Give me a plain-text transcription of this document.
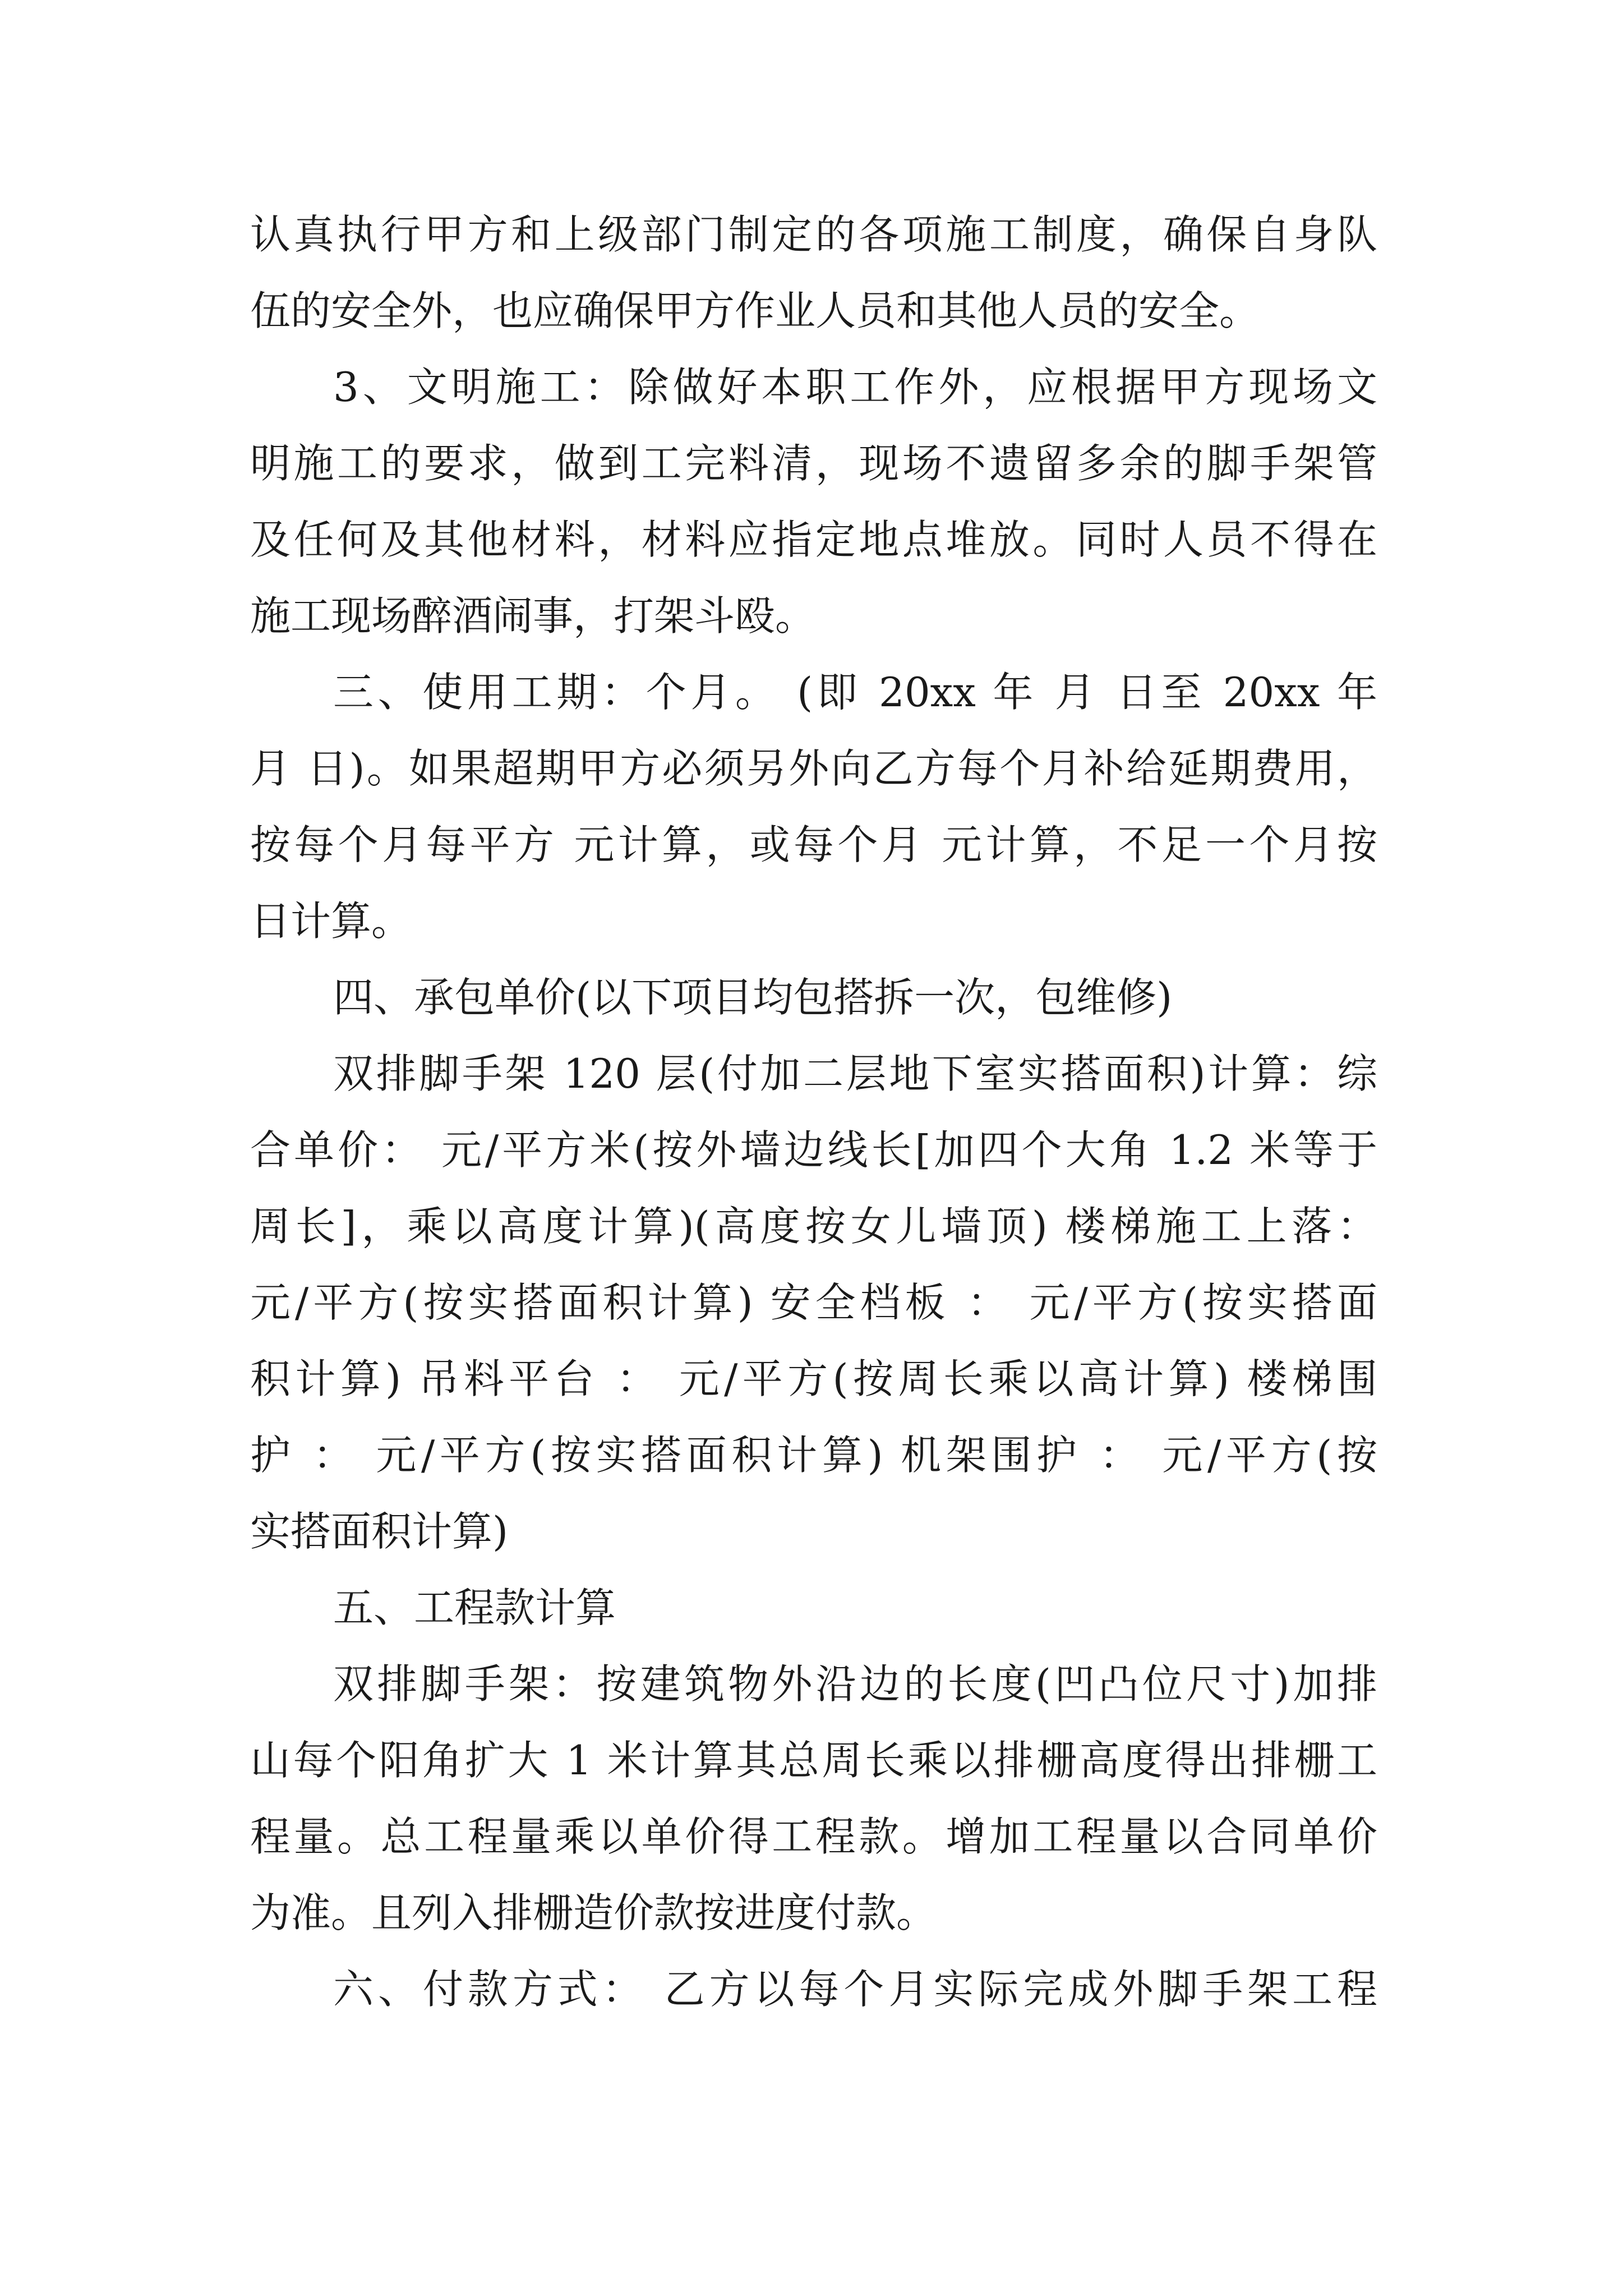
认真执行甲方和上级部门制定的各项施工制度，确保自身队
伍的安全外，也应确保甲方作业人员和其他人员的安全。
3、文明施工：除做好本职工作外，应根据甲方现场文
明施工的要求，做到工完料清，现场不遗留多余的脚手架管
及任何及其他材料，材料应指定地点堆放。同时人员不得在
施工现场醉酒闹事，打架斗殴。
三、使用工期：个月。 (即 20xx 年 月 日至 20xx 年
月 日)。如果超期甲方必须另外向乙方每个月补给延期费用，
按每个月每平方 元计算，或每个月 元计算，不足一个月按
日计算。
四、承包单价(以下项目均包搭拆一次，包维修)
双排脚手架 120 层(付加二层地下室实搭面积)计算：综
合单价： 元/平方米(按外墙边线长[加四个大角 1.2 米等于
周长]，乘以高度计算)(高度按女儿墙顶) 楼梯施工上落：
元/平方(按实搭面积计算) 安全档板 ： 元/平方(按实搭面
积计算) 吊料平台 ： 元/平方(按周长乘以高计算) 楼梯围
护 ： 元/平方(按实搭面积计算) 机架围护 ： 元/平方(按
实搭面积计算)
五、工程款计算
双排脚手架：按建筑物外沿边的长度(凹凸位尺寸)加排
山每个阳角扩大 1 米计算其总周长乘以排栅高度得出排栅工
程量。总工程量乘以单价得工程款。增加工程量以合同单价
为准。且列入排栅造价款按进度付款。
六、付款方式： 乙方以每个月实际完成外脚手架工程
